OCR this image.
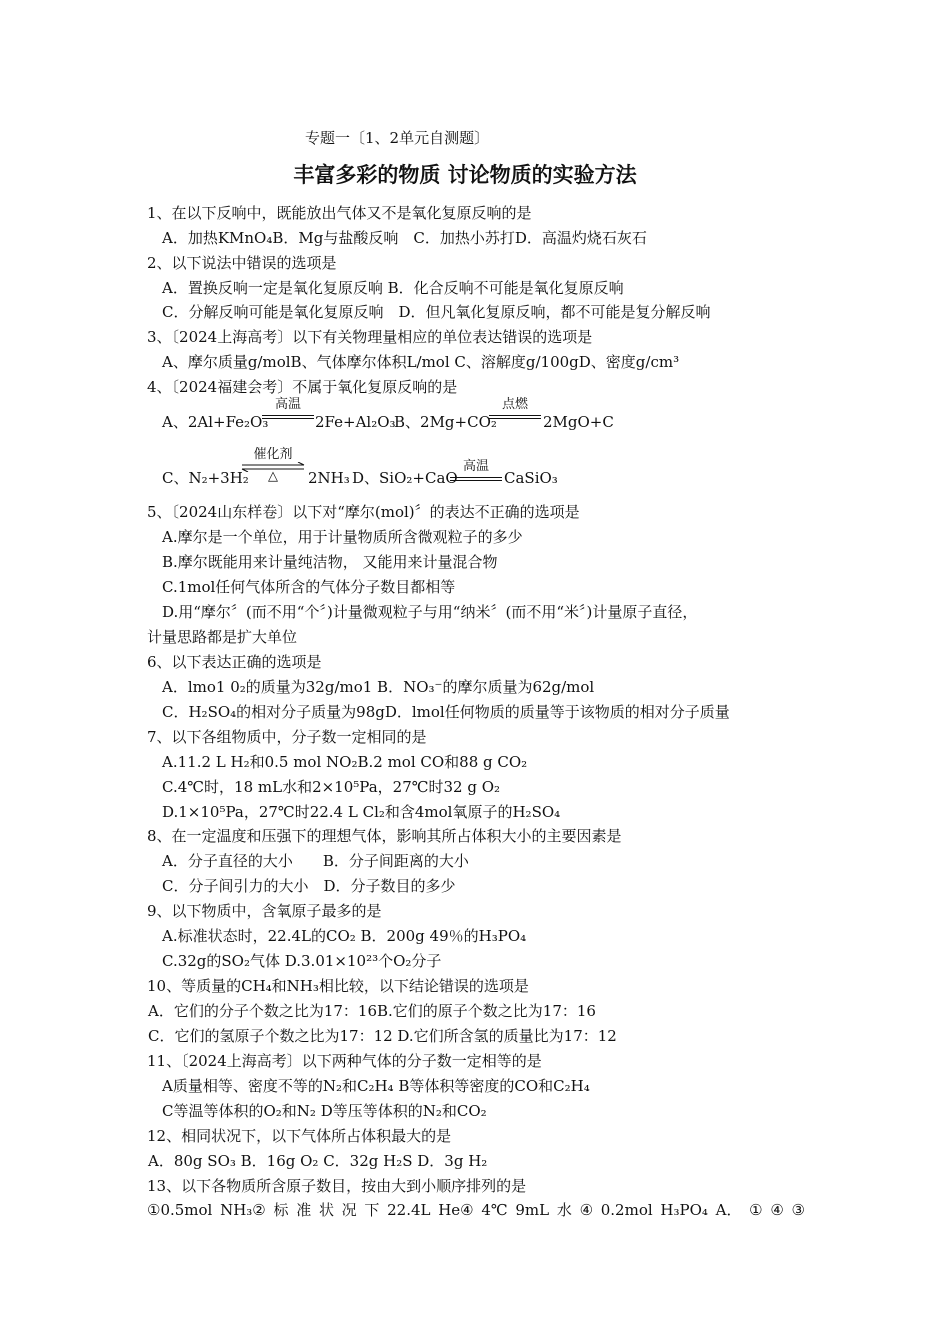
专题一〔1、2单元自测题〕
丰富多彩的物质 讨论物质的实验方法
1、在以下反响中，既能放出气体又不是氧化复原反响的是
A．加热KMnO₄B．Mg与盐酸反响　C．加热小苏打D．高温灼烧石灰石
2、以下说法中错误的选项是
A．置换反响一定是氧化复原反响 B．化合反响不可能是氧化复原反响
C．分解反响可能是氧化复原反响　D．但凡氧化复原反响，都不可能是复分解反响
3、〔2024上海高考〕以下有关物理量相应的单位表达错误的选项是
A、摩尔质量g/molB、气体摩尔体积L/mol C、溶解度g/100gD、密度g/cm³
4、〔2024福建会考〕不属于氧化复原反响的是
A、2Al+Fe₂O₃
高温
2Fe+Al₂O₃
B、2Mg+CO₂
点燃
2MgO+C
C、N₂+3H₂
催化剂
△	2NH₃ D、SiO₂+CaO
高温
CaSiO₃
5、〔2024山东样卷〕以下对“摩尔(mol)〞的表达不正确的选项是
A.摩尔是一个单位，用于计量物质所含微观粒子的多少
B.摩尔既能用来计量纯洁物， 又能用来计量混合物
C.1mol任何气体所含的气体分子数目都相等
D.用“摩尔〞(而不用“个〞)计量微观粒子与用“纳米〞(而不用“米〞)计量原子直径，
计量思路都是扩大单位
6、以下表达正确的选项是
A．lmo1 0₂的质量为32g/mo1 B．NO₃⁻的摩尔质量为62g/mol
C．H₂SO₄的相对分子质量为98gD．lmol任何物质的质量等于该物质的相对分子质量
7、以下各组物质中，分子数一定相同的是
A.11.2 L H₂和0.5 mol NO₂B.2 mol CO和88 g CO₂
C.4℃时，18 mL水和2×10⁵Pa，27℃时32 g O₂
D.1×10⁵Pa，27℃时22.4 L Cl₂和含4mol氧原子的H₂SO₄
8、在一定温度和压强下的理想气体，影响其所占体积大小的主要因素是
A．分子直径的大小　　B．分子间距离的大小
C．分子间引力的大小　D．分子数目的多少
9、以下物质中，含氧原子最多的是
A.标准状态时，22.4L的CO₂ B．200g 49％的H₃PO₄
C.32g的SO₂气体 D.3.01×10²³个O₂分子
10、等质量的CH₄和NH₃相比较，以下结论错误的选项是
A．它们的分子个数之比为17：16B.它们的原子个数之比为17：16
C．它们的氢原子个数之比为17：12 D.它们所含氢的质量比为17：12
11、〔2024上海高考〕以下两种气体的分子数一定相等的是
A质量相等、密度不等的N₂和C₂H₄ B等体积等密度的CO和C₂H₄
C等温等体积的O₂和N₂ D等压等体积的N₂和CO₂
12、相同状况下，以下气体所占体积最大的是
A．80g SO₃ B．16g O₂ C．32g H₂S D．3g H₂
13、以下各物质所含原子数目，按由大到小顺序排列的是
①0.5mol NH₃② 标 准 状 况 下 22.4L He④ 4℃ 9mL 水 ④ 0.2mol H₃PO₄ A． ① ④ ③
